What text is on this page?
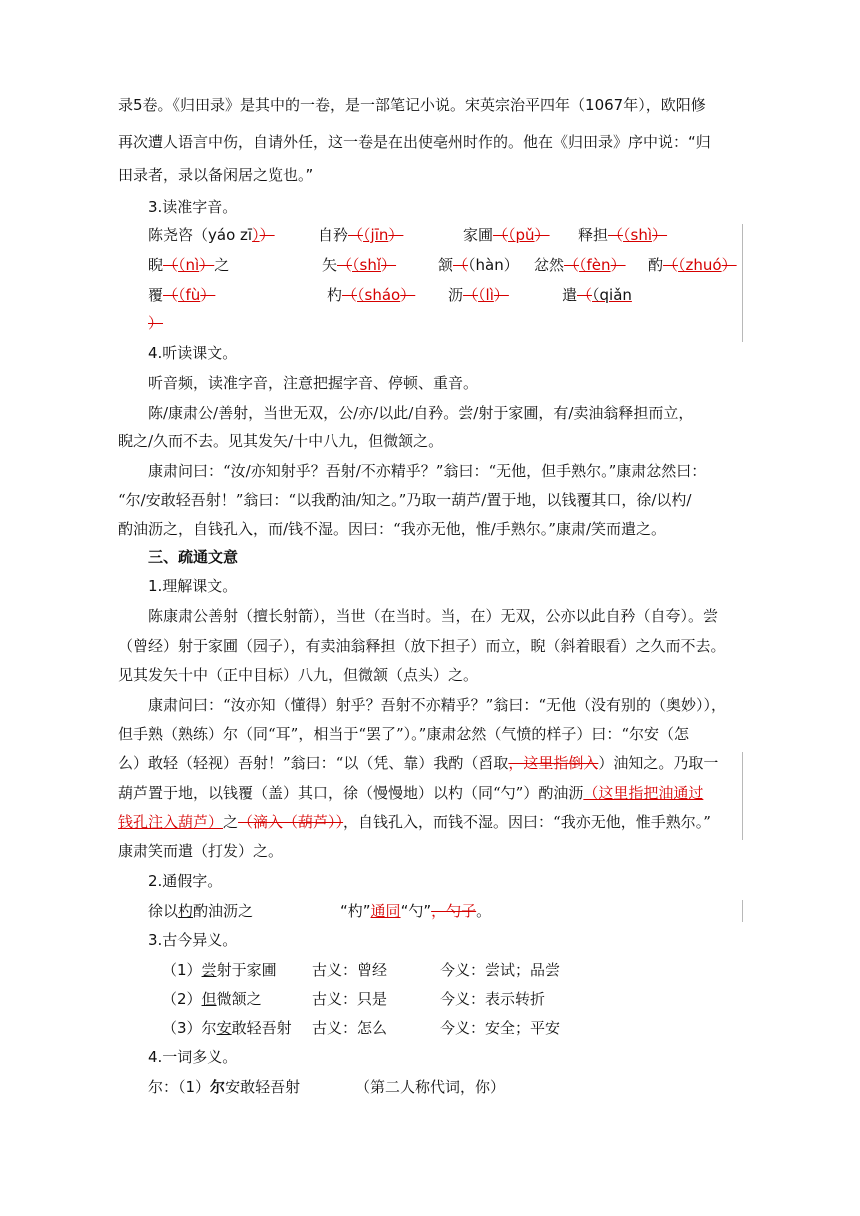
录5卷。《归田录》是其中的一卷，是一部笔记小说。宋英宗治平四年（1067年），欧阳修
再次遭人语言中伤，自请外任，这一卷是在出使亳州时作的。他在《归田录》序中说：“归
田录者，录以备闲居之览也。”
3.读准字音。
陈尧咨（yáo zī））	自矜（（jīn）	家圃（（pǔ） 释担（（shì）
睨（（nì）之	矢（（shǐ）	颔（（hàn） 忿然（（fèn） 酌（（zhuó）
覆（（fù）	杓（（sháo） 沥（（lì）	遣（（qiǎn
）
4.听读课文。
听音频，读准字音，注意把握字音、停顿、重音。
陈/康肃公/善射，当世无双，公/亦/以此/自矜。尝/射于家圃，有/卖油翁释担而立，
睨之/久而不去。见其发矢/十中八九，但微颔之。
康肃问曰：“汝/亦知射乎？吾射/不亦精乎？”翁曰：“无他，但手熟尔。”康肃忿然曰：
“尔/安敢轻吾射！”翁曰：“以我酌油/知之。”乃取一葫芦/置于地，以钱覆其口，徐/以杓/
酌油沥之，自钱孔入，而/钱不湿。因曰：“我亦无他，惟/手熟尔。”康肃/笑而遣之。
三、疏通文意
1.理解课文。
陈康肃公善射（擅长射箭），当世（在当时。当，在）无双，公亦以此自矜（自夸）。尝
（曾经）射于家圃（园子），有卖油翁释担（放下担子）而立，睨（斜着眼看）之久而不去。
见其发矢十中（正中目标）八九，但微颔（点头）之。
康肃问曰：“汝亦知（懂得）射乎？吾射不亦精乎？”翁曰：“无他（没有别的（奥妙）），
但手熟（熟练）尔（同“耳”，相当于“罢了”）。”康肃忿然（气愤的样子）曰：“尔安（怎
么）敢轻（轻视）吾射！”翁曰：“以（凭、靠）我酌（舀取，这里指倒入）油知之。乃取一
葫芦置于地，以钱覆（盖）其口，徐（慢慢地）以杓（同“勺”）酌油沥（这里指把油通过
钱孔注入葫芦）之（滴入（葫芦）），自钱孔入，而钱不湿。因曰：“我亦无他，惟手熟尔。”
康肃笑而遣（打发）之。
2.通假字。
徐以杓酌油沥之	“杓”通同“勺”，勺子。
3.古今异义。
（1）尝射于家圃 古义：曾经	今义：尝试；品尝
（2）但微颔之	古义：只是	今义：表示转折
（3）尔安敢轻吾射 古义：怎么	今义：安全；平安
4.一词多义。
尔：（1）尔安敢轻吾射	（第二人称代词，你）
